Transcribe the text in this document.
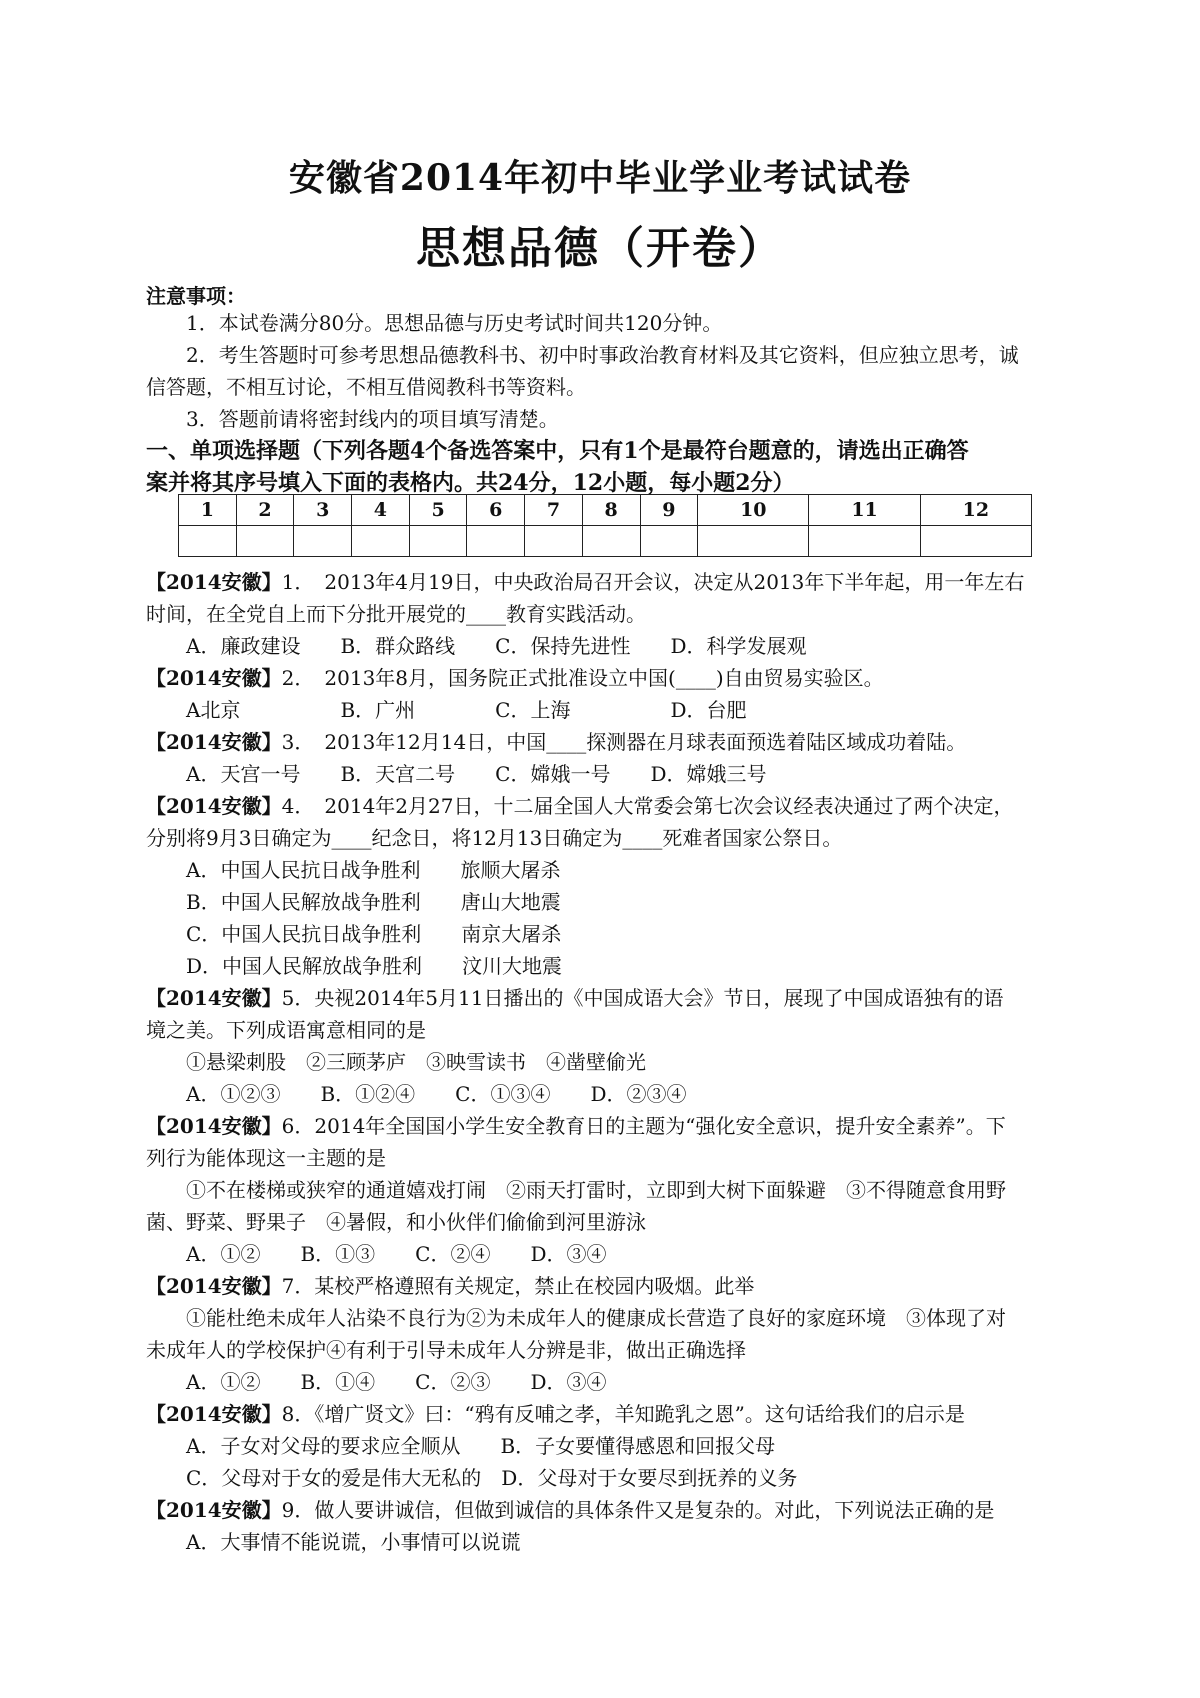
安徽省2014年初中毕业学业考试试卷
思想品德（开卷）
注意事项：
1．本试卷满分80分。思想品德与历史考试时间共120分钟。
2．考生答题时可参考思想品德教科书、初中时事政治教育材料及其它资料，但应独立思考，诚
信答题，不相互讨论，不相互借阅教科书等资料。
3．答题前请将密封线内的项目填写清楚。
一、单项选择题（下列各题4个备选答案中，只有1个是最符台题意的，请选出正确答
案并将其序号填入下面的表格内。共24分，12小题，每小题2分）
1	2	3	4	5	6	7	8	9	10	11	12

【2014安徽】1．　2013年4月19日，中央政治局召开会议，决定从2013年下半年起，用一年左右
时间，在全党自上而下分批开展党的____教育实践活动。
A．廉政建设　　B．群众路线　　C．保持先进性　　D．科学发展观
【2014安徽】2．　2013年8月，国务院正式批准设立中国(____)自由贸易实验区。
A北京　　　　　B．广州　　　　C．上海　　　　　D．台肥
【2014安徽】3．　2013年12月14日，中国____探测器在月球表面预选着陆区域成功着陆。
A．天宫一号　　B．天宫二号　　C．嫦娥一号　　D．嫦娥三号
【2014安徽】4．　2014年2月27日，十二届全国人大常委会第七次会议经表决通过了两个决定，
分别将9月3日确定为____纪念日，将12月13日确定为____死难者国家公祭日。
A．中国人民抗日战争胜利　　旅顺大屠杀
B．中国人民解放战争胜利　　唐山大地震
C．中国人民抗日战争胜利　　南京大屠杀
D．中国人民解放战争胜利　　汶川大地震
【2014安徽】5．央视2014年5月11日播出的《中国成语大会》节日，展现了中国成语独有的语
境之美。下列成语寓意相同的是
①悬梁刺股　②三顾茅庐　③映雪读书　④凿壁偷光
A．①②③　　B．①②④　　C．①③④　　D．②③④
【2014安徽】6．2014年全国国小学生安全教育日的主题为“强化安全意识，提升安全素养”。下
列行为能体现这一主题的是
①不在楼梯或狭窄的通道嬉戏打闹　②雨天打雷时，立即到大树下面躲避　③不得随意食用野
菌、野菜、野果子　④暑假，和小伙伴们偷偷到河里游泳
A．①②　　B．①③　　C．②④　　D．③④
【2014安徽】7．某校严格遵照有关规定，禁止在校园内吸烟。此举
①能杜绝未成年人沾染不良行为②为未成年人的健康成长营造了良好的家庭环境　③体现了对
未成年人的学校保护④有利于引导未成年人分辨是非，做出正确选择
A．①②　　B．①④　　C．②③　　D．③④
【2014安徽】8．《增广贤文》曰：“鸦有反哺之孝，羊知跪乳之恩”。这句话给我们的启示是
A．子女对父母的要求应全顺从　　B．子女要懂得感恩和回报父母
C．父母对于女的爱是伟大无私的　D．父母对于女要尽到抚养的义务
【2014安徽】9．做人要讲诚信，但做到诚信的具体条件又是复杂的。对此，下列说法正确的是
A．大事情不能说谎，小事情可以说谎
